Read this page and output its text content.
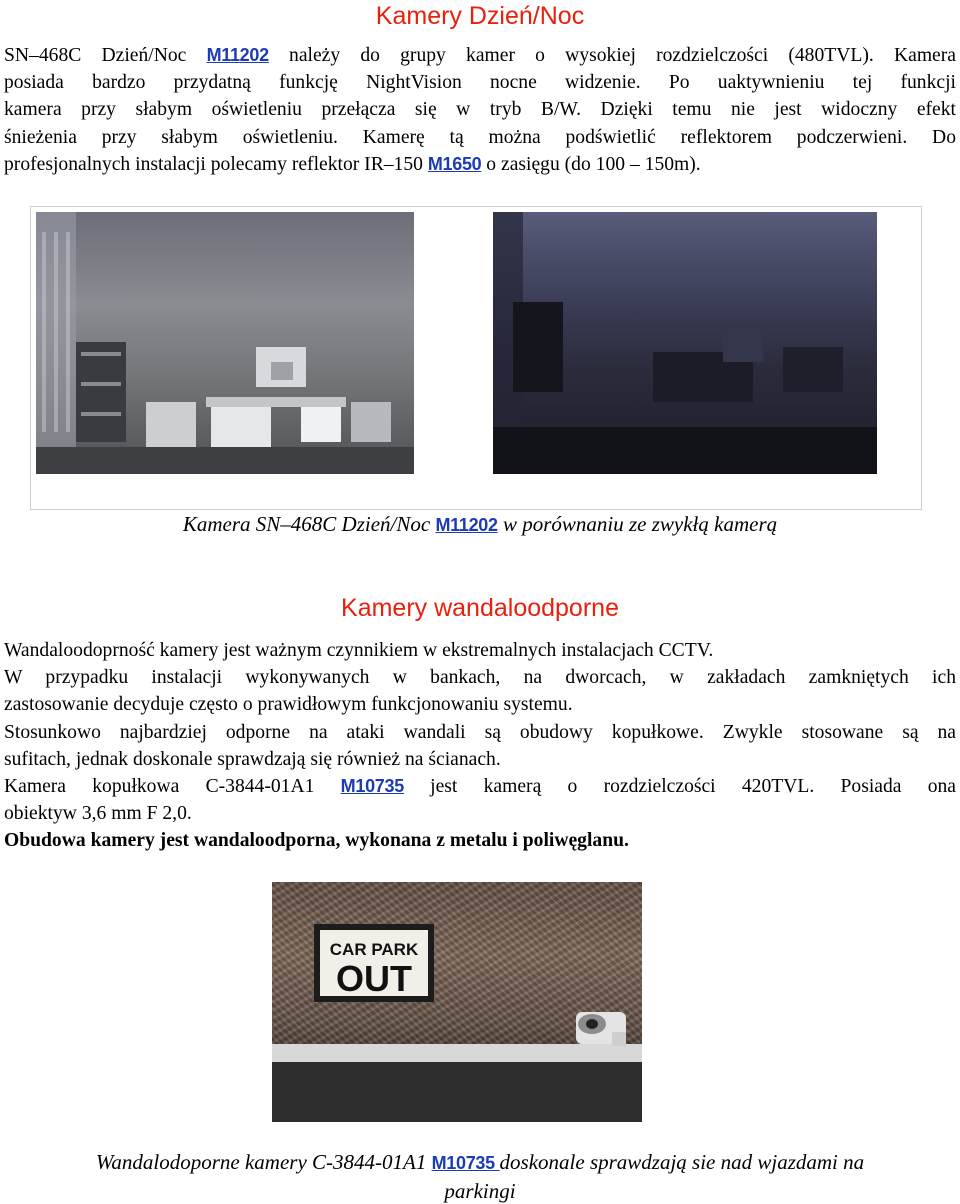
Kamery Dzień/Noc
SN–468C Dzień/Noc M11202 należy do grupy kamer o wysokiej rozdzielczości (480TVL). Kamera
posiada bardzo przydatną funkcję NightVision nocne widzenie. Po uaktywnieniu tej funkcji
kamera przy słabym oświetleniu przełącza się w tryb B/W. Dzięki temu nie jest widoczny efekt
śnieżenia przy słabym oświetleniu. Kamerę tą można podświetlić reflektorem podczerwieni. Do
profesjonalnych instalacji polecamy reflektor IR–150 M1650 o zasięgu (do 100 – 150m).
Kamera SN–468C Dzień/Noc M11202 w porównaniu ze zwykłą kamerą
Kamery wandaloodporne
Wandaloodoprność kamery jest ważnym czynnikiem w ekstremalnych instalacjach CCTV.
W przypadku instalacji wykonywanych w bankach, na dworcach, w zakładach zamkniętych ich
zastosowanie decyduje często o prawidłowym funkcjonowaniu systemu.
Stosunkowo najbardziej odporne na ataki wandali są obudowy kopułkowe. Zwykle stosowane są na
sufitach, jednak doskonale sprawdzają się również na ścianach.
Kamera kopułkowa C-3844-01A1 M10735 jest kamerą o rozdzielczości 420TVL. Posiada ona
obiektyw 3,6 mm F 2,0.
Obudowa kamery jest wandaloodporna, wykonana z metalu i poliwęglanu.
CAR PARK
OUT
Wandalodoporne kamery C-3844-01A1 M10735 doskonale sprawdzają sie nad wjazdami na
parkingi
